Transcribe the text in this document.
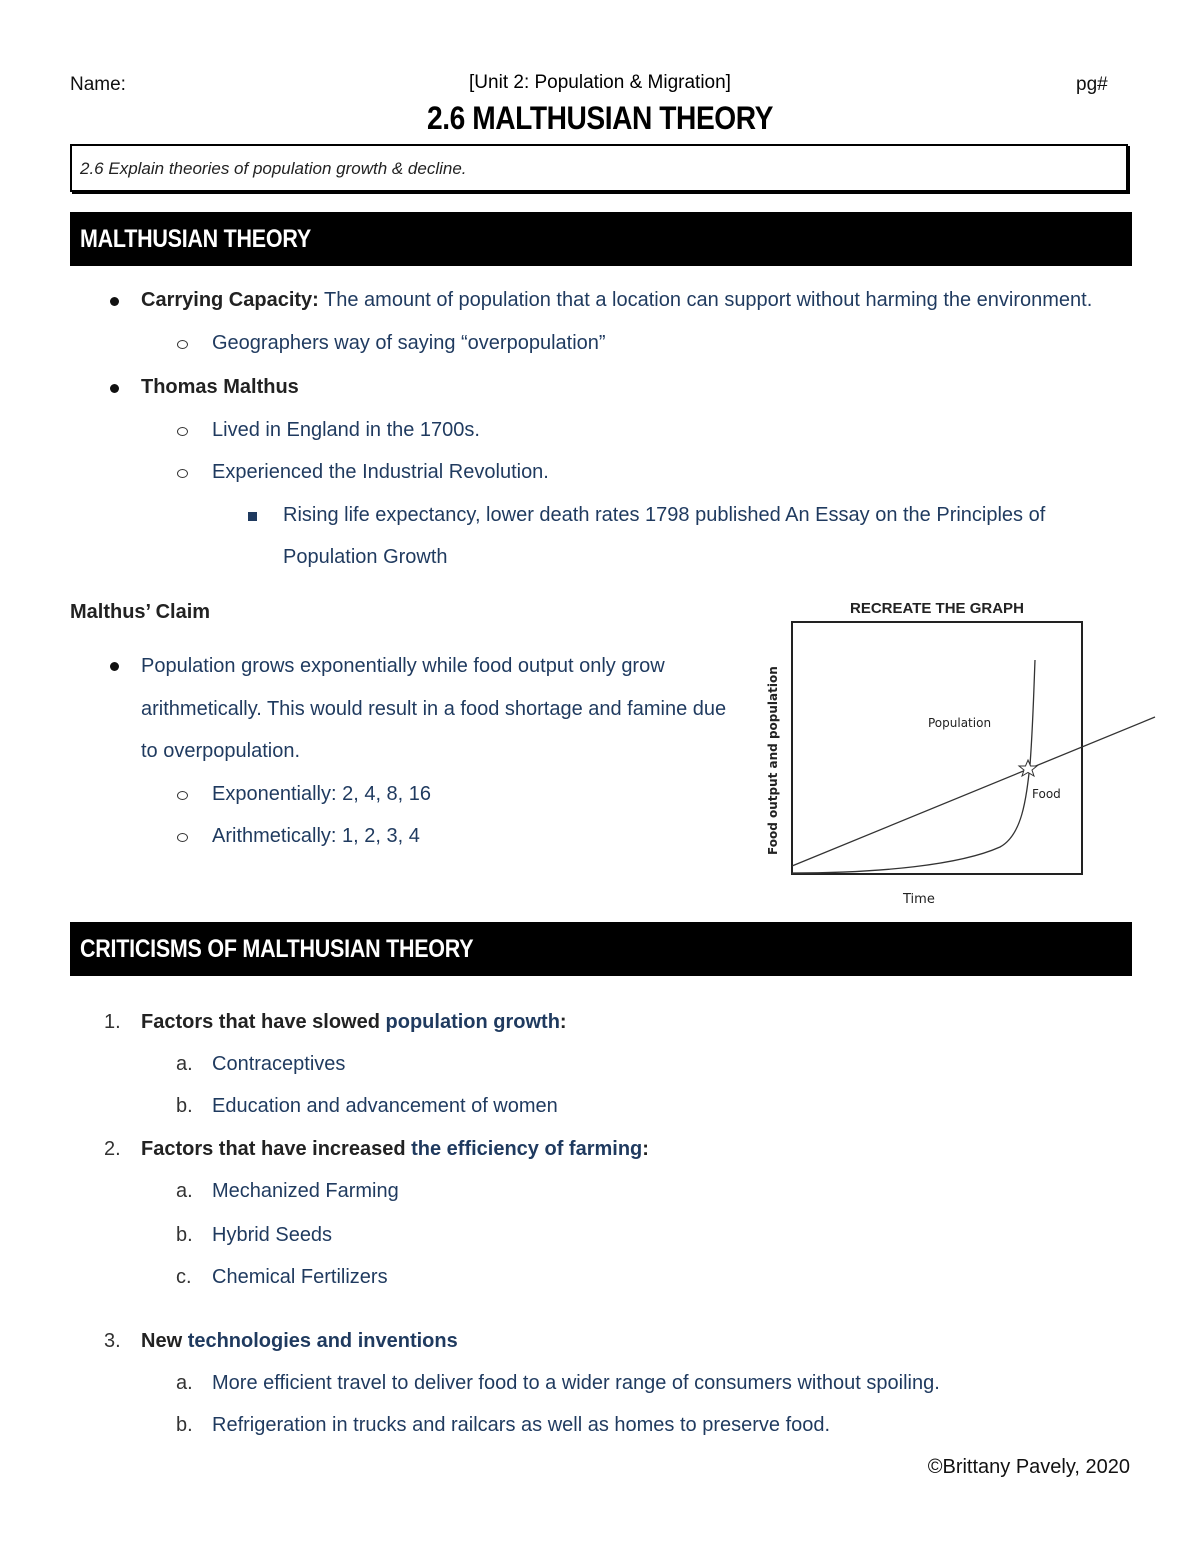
Name:	[Unit 2: Population & Migration]	pg#
2.6 MALTHUSIAN THEORY
2.6 Explain theories of population growth & decline.
MALTHUSIAN THEORY
Carrying Capacity: The amount of population that a location can support without harming the environment.
Geographers way of saying “overpopulation”
Thomas Malthus
Lived in England in the 1700s.
Experienced the Industrial Revolution.
Rising life expectancy, lower death rates 1798 published An Essay on the Principles of
Population Growth
Malthus’ Claim
Population grows exponentially while food output only grow
arithmetically. This would result in a food shortage and famine due
to overpopulation.
Exponentially: 2, 4, 8, 16
Arithmetically: 1, 2, 3, 4
RECREATE THE GRAPH
Population
Food
Time
Food output and population
CRITICISMS OF MALTHUSIAN THEORY
1. Factors that have slowed population growth:
a. Contraceptives
b. Education and advancement of women
2. Factors that have increased the efficiency of farming:
a. Mechanized Farming
b. Hybrid Seeds
c. Chemical Fertilizers
3. New technologies and inventions
a. More efficient travel to deliver food to a wider range of consumers without spoiling.
b. Refrigeration in trucks and railcars as well as homes to preserve food.
©Brittany Pavely, 2020
